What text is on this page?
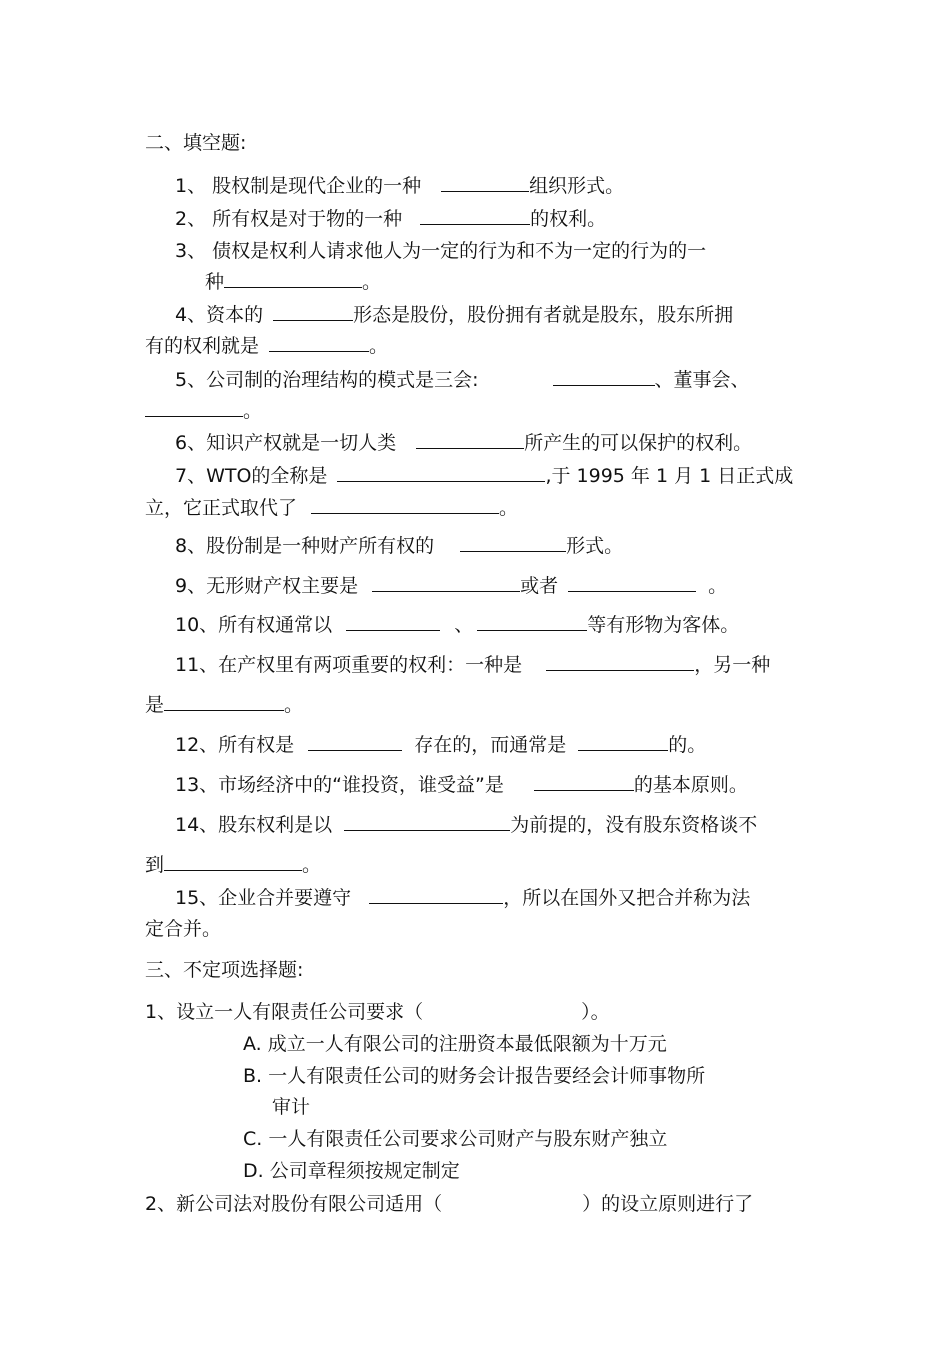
二、填空题:
1、 股权制是现代企业的一种	组织形式。
2、 所有权是对于物的一种	的权利。
3、 债权是权利人请求他人为一定的行为和不为一定的行为的一
种	。
4、资本的	形态是股份，股份拥有者就是股东，股东所拥
有的权利就是	。
5、公司制的治理结构的模式是三会:	、董事会、
。
6、知识产权就是一切人类	所产生的可以保护的权利。
7、WTO的全称是	,于 1995 年 1 月 1 日正式成
立，它正式取代了	。
8、股份制是一种财产所有权的	形式。
9、无形财产权主要是	或者	。
10、所有权通常以	、	等有形物为客体。
11、在产权里有两项重要的权利：一种是	，另一种
是	。
12、所有权是	存在的，而通常是	的。
13、市场经济中的“谁投资，谁受益”是	的基本原则。
14、股东权利是以	为前提的，没有股东资格谈不
到	。
15、企业合并要遵守	，所以在国外又把合并称为法
定合并。
三、不定项选择题:
1、设立一人有限责任公司要求（	）。
A. 成立一人有限公司的注册资本最低限额为十万元
B. 一人有限责任公司的财务会计报告要经会计师事物所
审计
C. 一人有限责任公司要求公司财产与股东财产独立
D. 公司章程须按规定制定
2、新公司法对股份有限公司适用（	）的设立原则进行了
